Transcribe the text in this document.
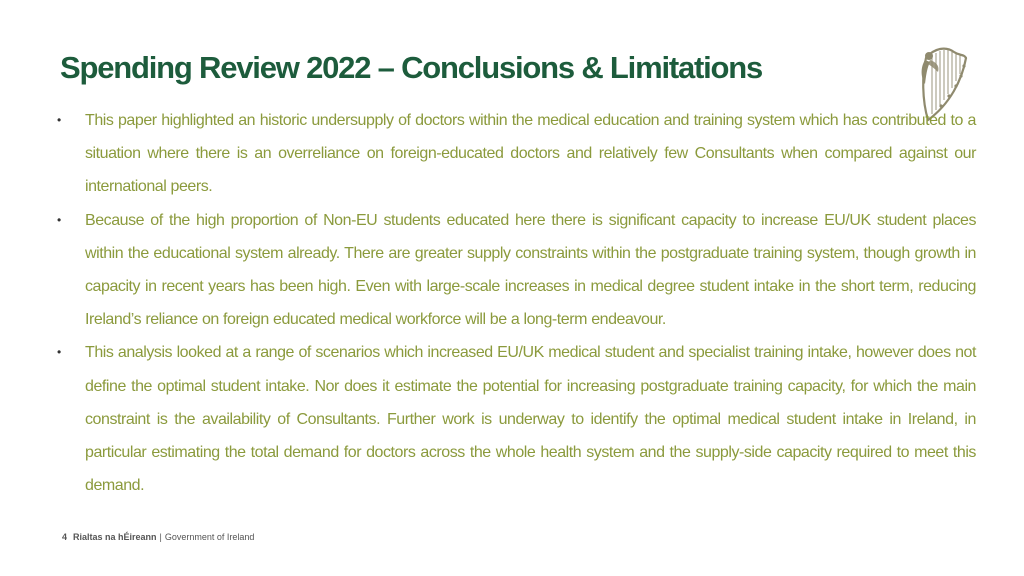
Spending Review 2022 – Conclusions & Limitations
•	This paper highlighted an historic undersupply of doctors within the medical education and training system which has contributed to a situation where there is an overreliance on foreign-educated doctors and relatively few Consultants when compared against our international peers.
•	Because of the high proportion of Non-EU students educated here there is significant capacity to increase EU/UK student places within the educational system already. There are greater supply constraints within the postgraduate training system, though growth in capacity in recent years has been high. Even with large-scale increases in medical degree student intake in the short term, reducing Ireland’s reliance on foreign educated medical workforce will be a long-term endeavour.
•	This analysis looked at a range of scenarios which increased EU/UK medical student and specialist training intake, however does not define the optimal student intake. Nor does it estimate the potential for increasing postgraduate training capacity, for which the main constraint is the availability of Consultants. Further work is underway to identify the optimal medical student intake in Ireland, in particular estimating the total demand for doctors across the whole health system and the supply-side capacity required to meet this demand.
4 Rialtas na hÉireann | Government of Ireland
